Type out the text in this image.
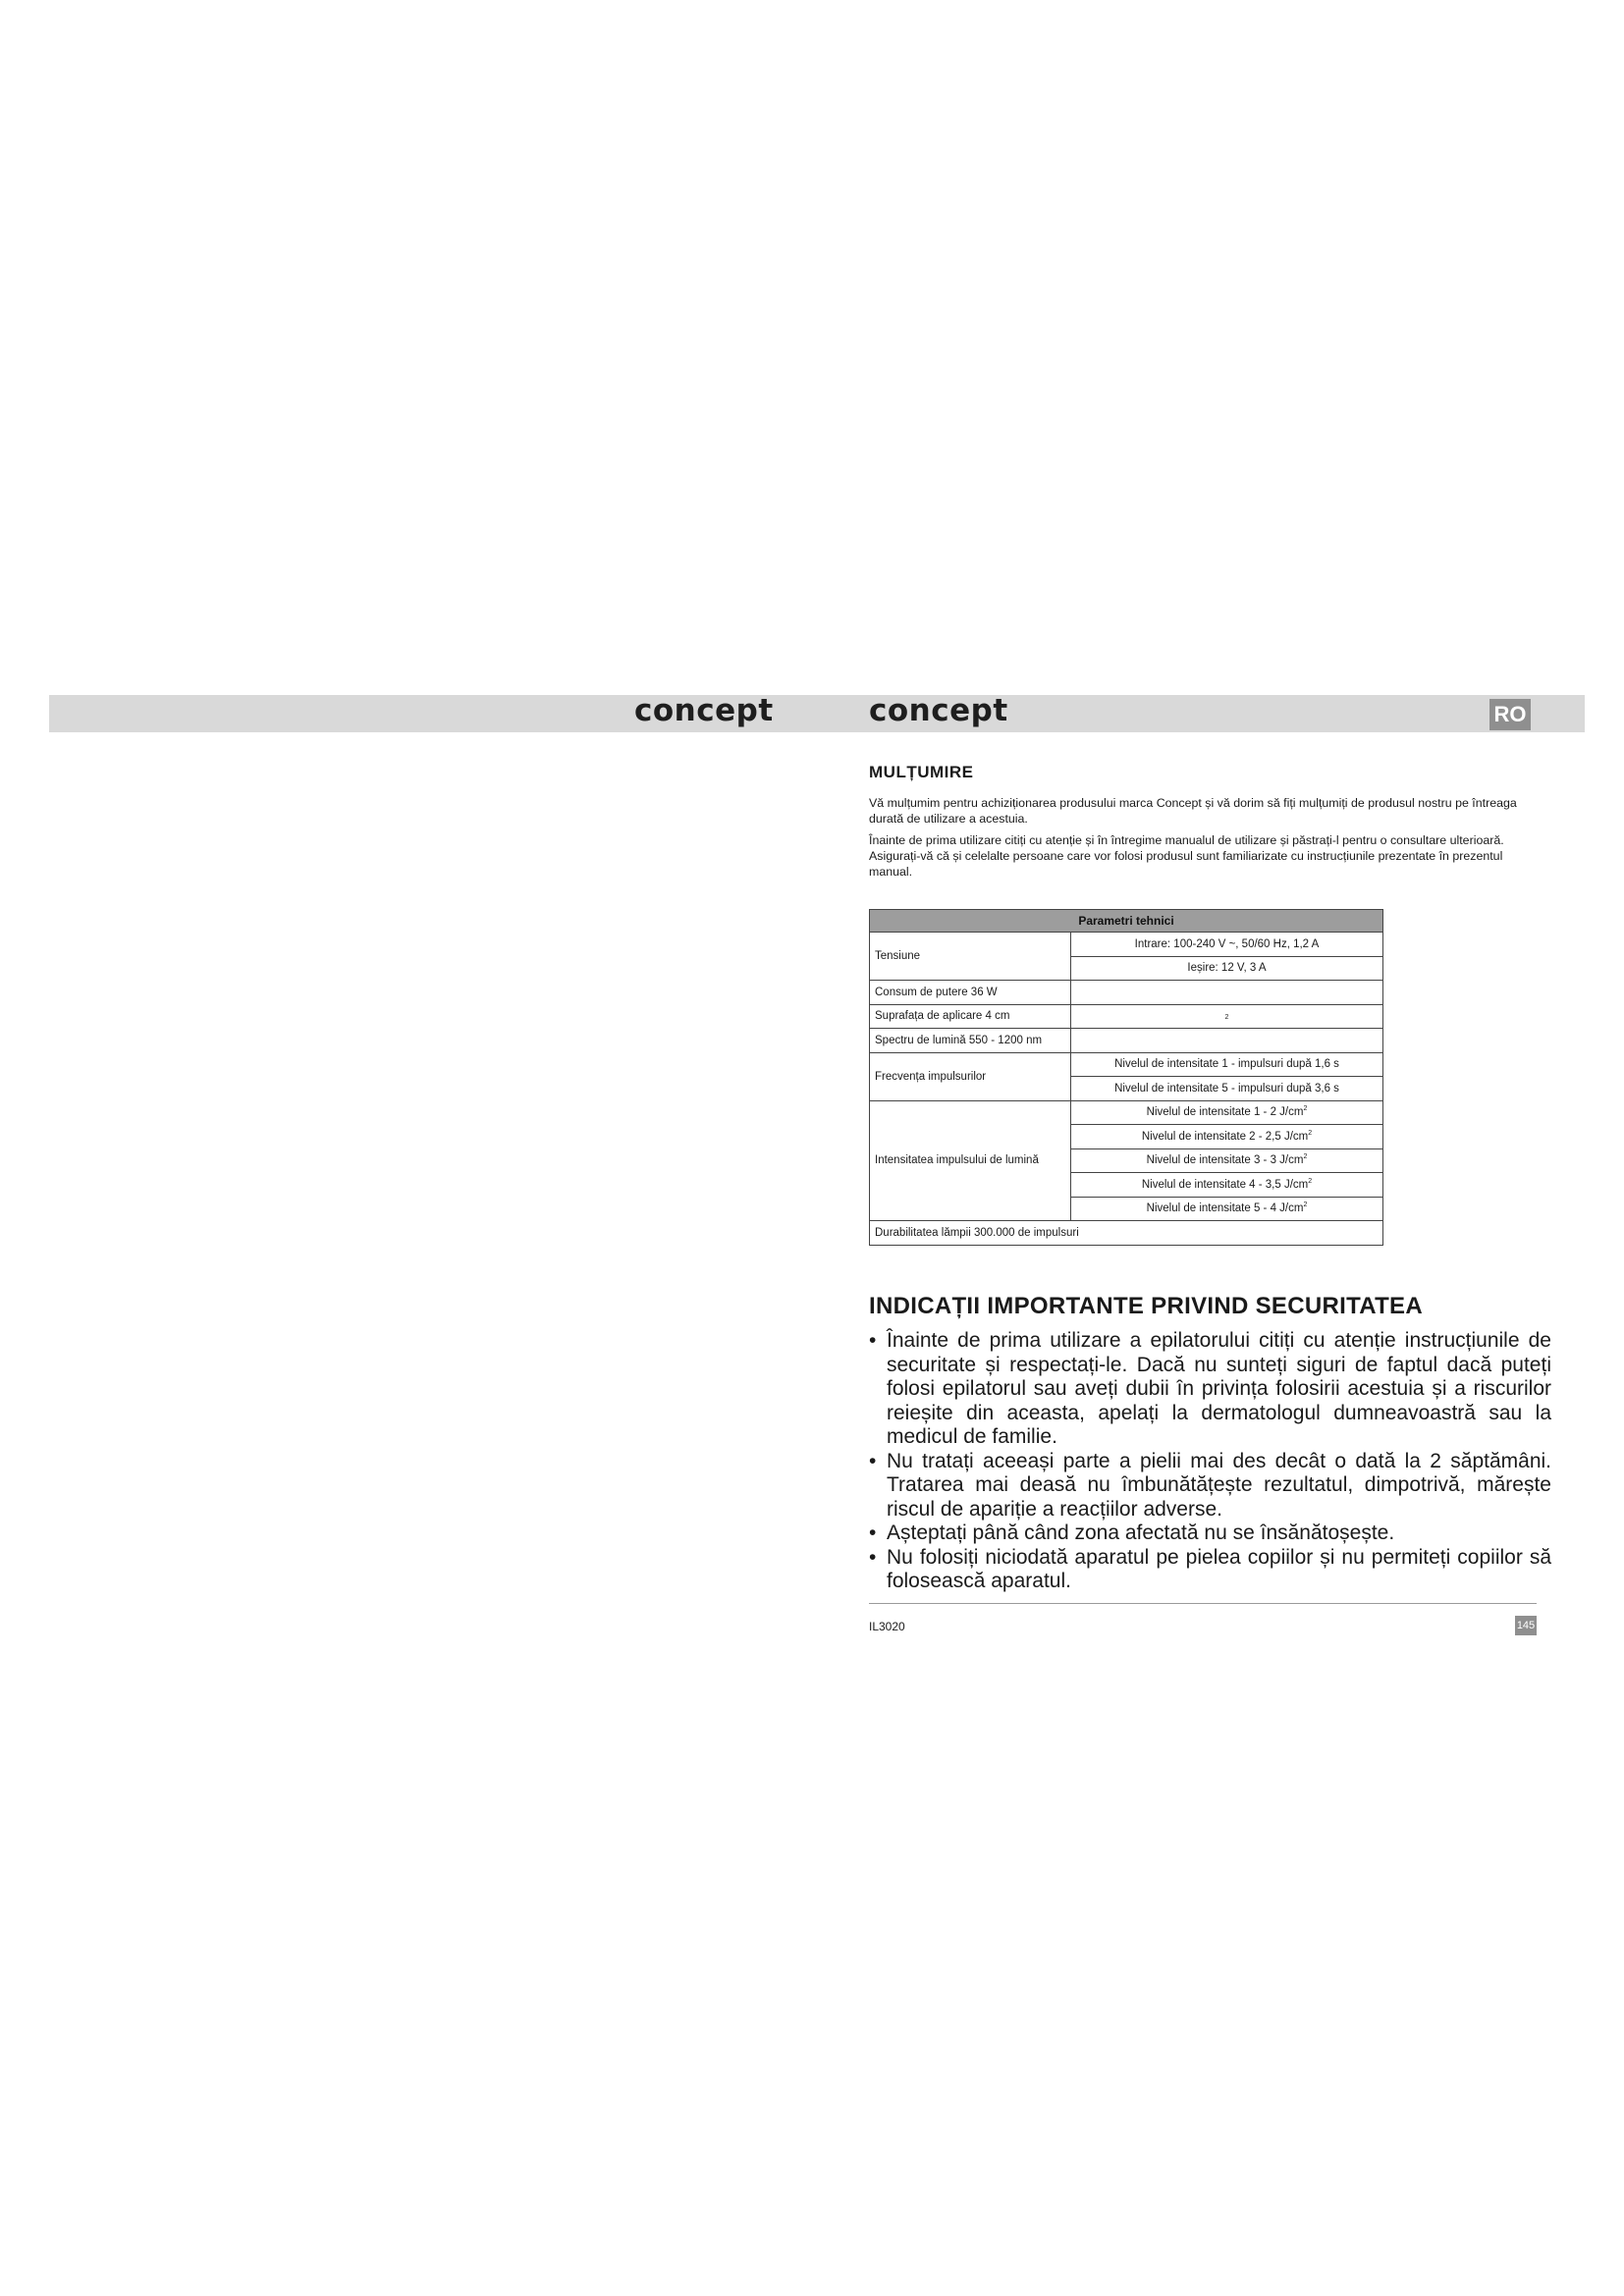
concept	concept	RO
MULȚUMIRE

Vă mulțumim pentru achiziționarea produsului marca Concept și vă dorim să fiți mulțumiți de produsul nostru pe întreaga durată de utilizare a acestuia.

Înainte de prima utilizare citiți cu atenție și în întregime manualul de utilizare și păstrați-l pentru o consultare ulterioară. Asigurați-vă că și celelalte persoane care vor folosi produsul sunt familiarizate cu instrucțiunile prezentate în prezentul manual.

Parametri tehnici	
Tensiune	Intrare: 100-240 V ~, 50/60 Hz, 1,2 A
	Ieșire: 12 V, 3 A
Consum de putere 36 W	
Suprafața de aplicare 4 cm	2
Spectru de lumină 550 - 1200 nm	
Frecvența impulsurilor	Nivelul de intensitate 1 - impulsuri după 1,6 s
	Nivelul de intensitate 5 - impulsuri după 3,6 s
Intensitatea impulsului de lumină	Nivelul de intensitate 1 - 2 $J/cm^2$
	Nivelul de intensitate 2 - 2,5 $J/cm^2$
	Nivelul de intensitate 3 - 3 $J/cm^2$
	Nivelul de intensitate 4 - 3,5 $J/cm^2$
	Nivelul de intensitate 5 - 4 $J/cm^2$
Durabilitatea lămpii 300.000 de impulsuri	
INDICAȚII IMPORTANTE PRIVIND SECURITATEA
• Înainte de prima utilizare a epilatorului citiți cu atenție instrucțiunile de securitate și respectați-le. Dacă nu sunteți siguri de faptul dacă puteți folosi epilatorul sau aveți dubii în privința folosirii acestuia și a riscurilor reieșite din aceasta, apelați la dermatologul dumneavoastră sau la medicul de familie.
• Nu tratați aceeași parte a pielii mai des decât o dată la 2 săptămâni. Tratarea mai deasă nu îmbunătățește rezultatul, dimpotrivă, mărește riscul de apariție a reacțiilor adverse.
• Așteptați până când zona afectată nu se însănătoșește.
• Nu folosiți niciodată aparatul pe pielea copiilor și nu permiteți copiilor să folosească aparatul.
IL3020	145
